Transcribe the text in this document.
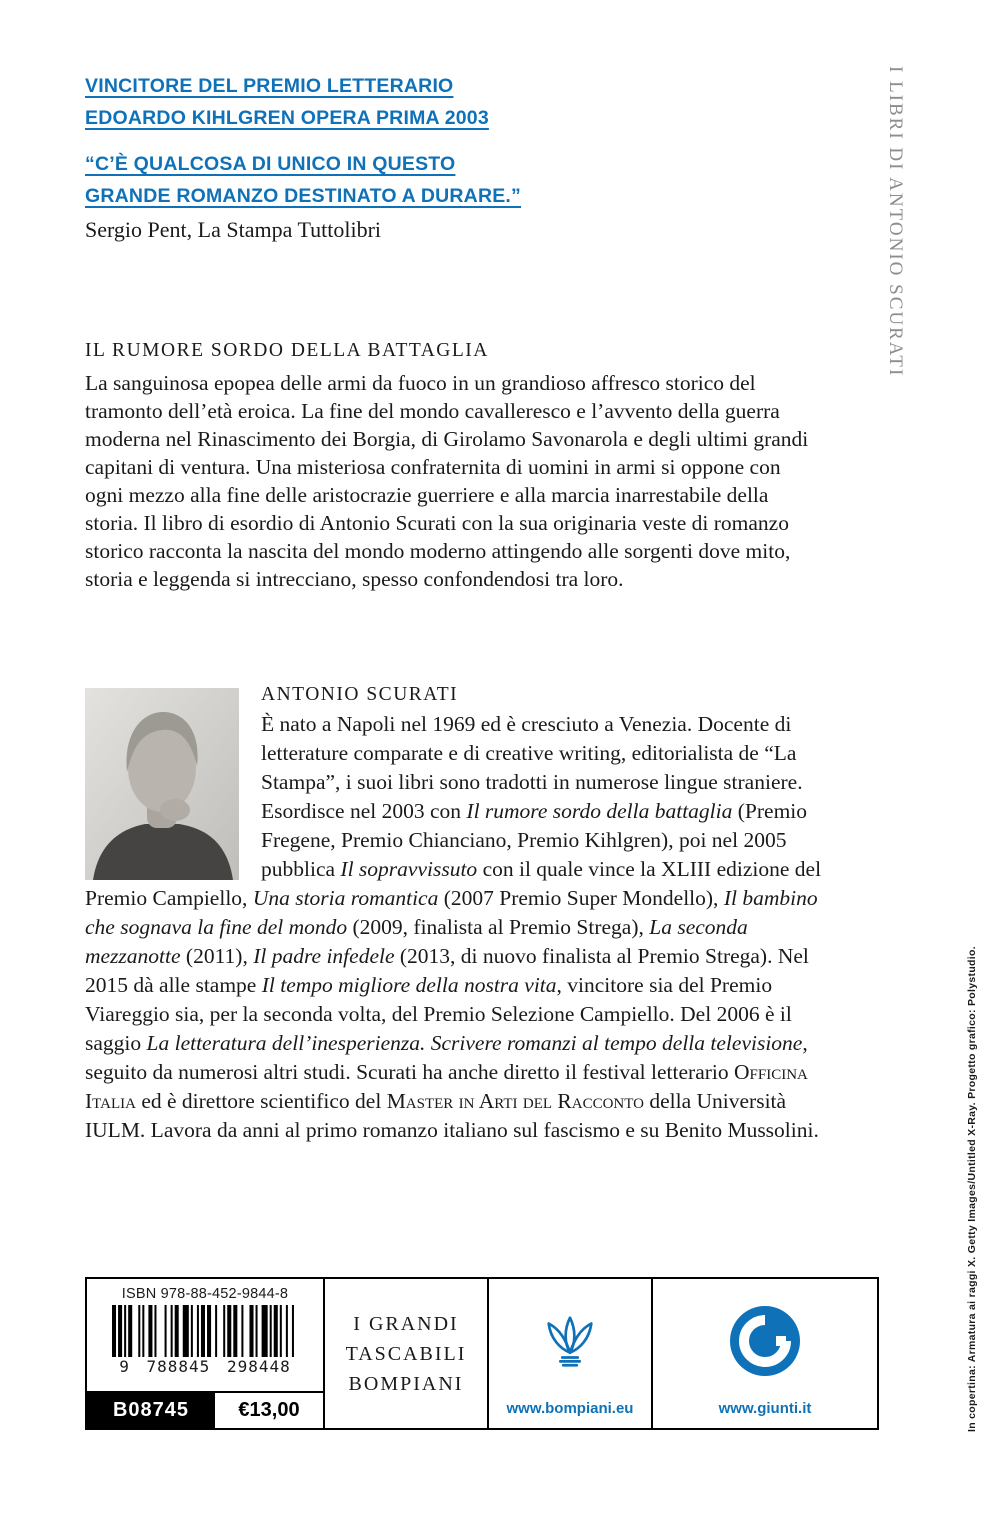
VINCITORE DEL PREMIO LETTERARIO
EDOARDO KIHLGREN OPERA PRIMA 2003
“C’È QUALCOSA DI UNICO IN QUESTO
GRANDE ROMANZO DESTINATO A DURARE.”
Sergio Pent, La Stampa Tuttolibri	I LIBRI DI ANTONIO SCURATI
IL RUMORE SORDO DELLA BATTAGLIA

La sanguinosa epopea delle armi da fuoco in un grandioso affresco storico del tramonto dell’età eroica. La fine del mondo cavalleresco e l’avvento della guerra moderna nel Rinascimento dei Borgia, di Girolamo Savonarola e degli ultimi grandi capitani di ventura. Una misteriosa confraternita di uomini in armi si oppone con ogni mezzo alla fine delle aristocrazie guerriere e alla marcia inarrestabile della storia. Il libro di esordio di Antonio Scurati con la sua originaria veste di romanzo storico racconta la nascita del mondo moderno attingendo alle sorgenti dove mito, storia e leggenda si intrecciano, spesso confondendosi tra loro.

ANTONIO SCURATI

È nato a Napoli nel 1969 ed è cresciuto a Venezia. Docente di letterature comparate e di creative writing, editorialista de “La Stampa”, i suoi libri sono tradotti in numerose lingue straniere. Esordisce nel 2003 con Il rumore sordo della battaglia (Premio Fregene, Premio Chianciano, Premio Kihlgren), poi nel 2005 pubblica Il sopravvissuto con il quale vince la XLIII edizione del Premio Campiello, Una storia romantica (2007 Premio Super Mondello), Il bambino che sognava la fine del mondo (2009, finalista al Premio Strega), La seconda mezzanotte (2011), Il padre infedele (2013, di nuovo finalista al Premio Strega). Nel 2015 dà alle stampe Il tempo migliore della nostra vita, vincitore sia del Premio Viareggio sia, per la seconda volta, del Premio Selezione Campiello. Del 2006 è il saggio La letteratura dell’inesperienza. Scrivere romanzi al tempo della televisione, seguito da numerosi altri studi. Scurati ha anche diretto il festival letterario Officina Italia ed è direttore scientifico del Master in Arti del Racconto della Università IULM. Lavora da anni al primo romanzo italiano sul fascismo e su Benito Mussolini.

ISBN 978-88-452-9844-8
9 788845 298448
B08745	€13,00
I GRANDI
TASCABILI
BOMPIANI
www.bompiani.eu	www.giunti.it	In copertina: Armatura ai raggi X. Getty Images/Untitled X-Ray. Progetto grafico: Polystudio.
